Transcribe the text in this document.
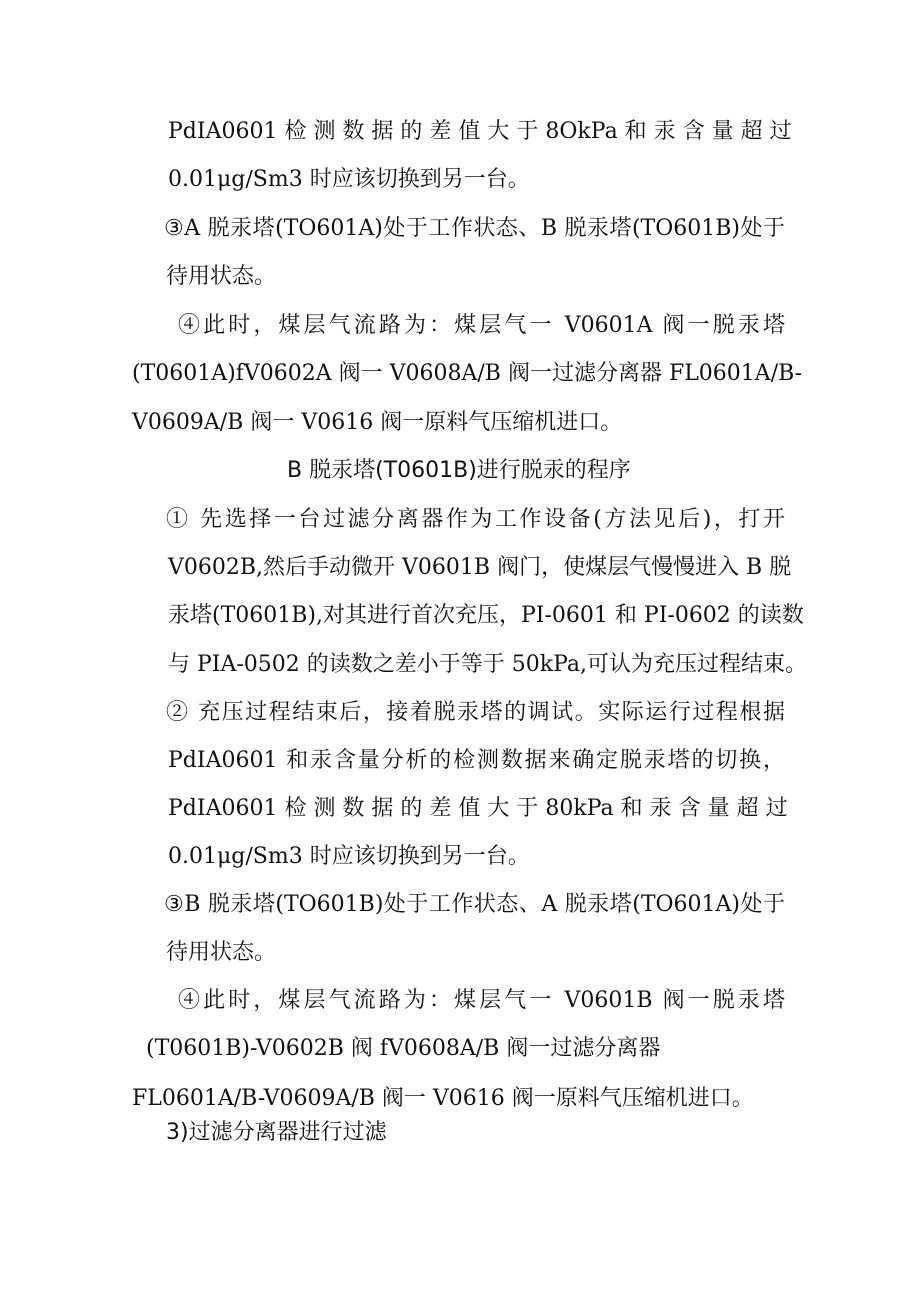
PdIA0601 检 测 数 据 的 差 值 大 于 8OkPa 和 汞 含 量 超 过
0.01μg∕Sm3 时应该切换到另一台。
③A 脱汞塔(TO601A)处于工作状态、B 脱汞塔(TO601B)处于
待用状态。
④此时，煤层气流路为：煤层气一 V0601A 阀一脱汞塔
(T0601A)fV0602A 阀一 V0608A/B 阀一过滤分离器 FL0601A/B-
V0609A/B 阀一 V0616 阀一原料气压缩机进口。
B 脱汞塔(T0601B)进行脱汞的程序
① 先选择一台过滤分离器作为工作设备(方法见后)，打开
V0602B,然后手动微开 V0601B 阀门，使煤层气慢慢进入 B 脱
汞塔(T0601B),对其进行首次充压，PI-0601 和 PI-0602 的读数
与 PIA-0502 的读数之差小于等于 50kPa,可认为充压过程结束。
② 充压过程结束后，接着脱汞塔的调试。实际运行过程根据
PdIA0601 和汞含量分析的检测数据来确定脱汞塔的切换，
PdIA0601 检 测 数 据 的 差 值 大 于 80kPa 和 汞 含 量 超 过
0.01μg∕Sm3 时应该切换到另一台。
③B 脱汞塔(TO601B)处于工作状态、A 脱汞塔(TO601A)处于
待用状态。
④此时，煤层气流路为：煤层气一 V0601B 阀一脱汞塔
(T0601B)-V0602B 阀 fV0608A∕B 阀一过滤分离器
FL0601A/B-V0609A/B 阀一 V0616 阀一原料气压缩机进口。
3)过滤分离器进行过滤
